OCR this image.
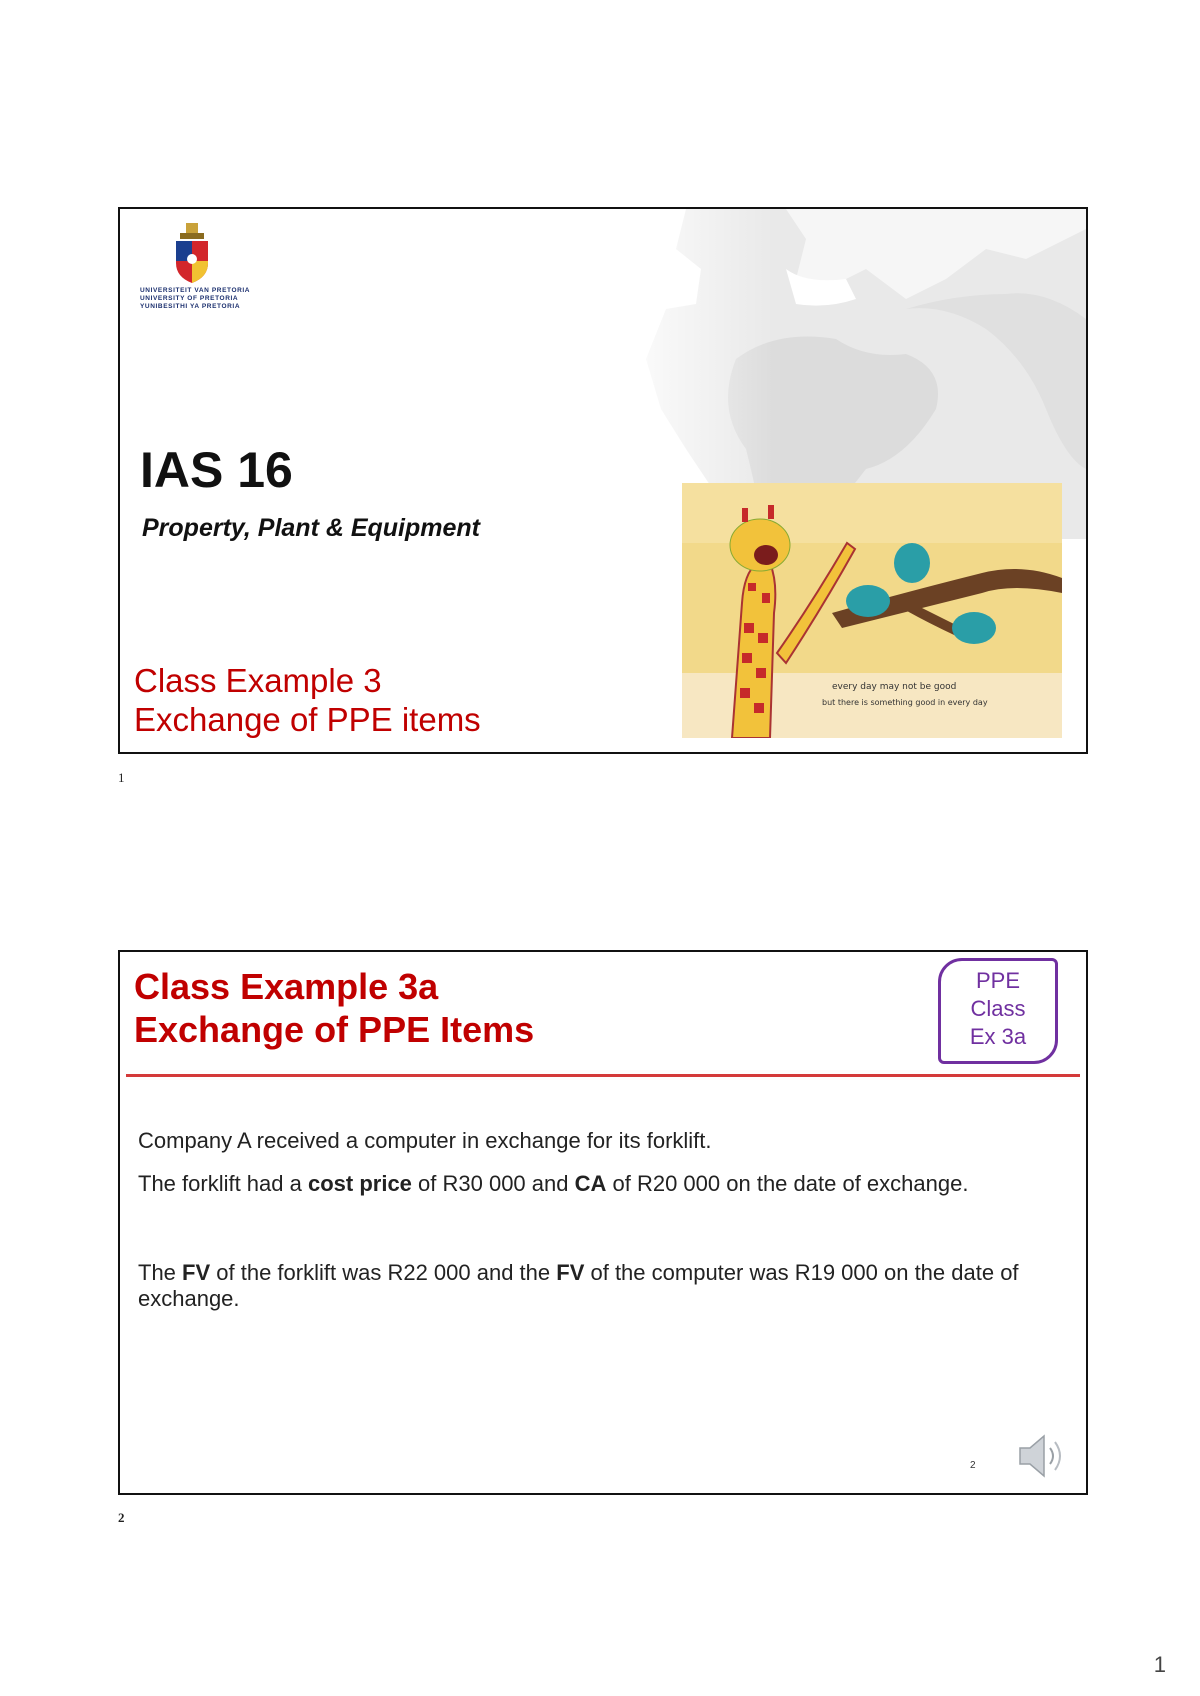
UNIVERSITEIT VAN PRETORIA
UNIVERSITY OF PRETORIA
YUNIBESITHI YA PRETORIA
IAS 16
Property, Plant & Equipment
Class Example 3
Exchange of PPE items
every day may not be good
but there is something good in every day
1
Class Example 3a
Exchange of PPE Items
PPE
Class
Ex 3a
Company A received a computer in exchange for its forklift.
The forklift had a cost price of R30 000 and CA of R20 000 on the date of exchange.
The FV of the forklift was R22 000 and the FV of the computer was R19 000 on the date of exchange.
2
2
1
